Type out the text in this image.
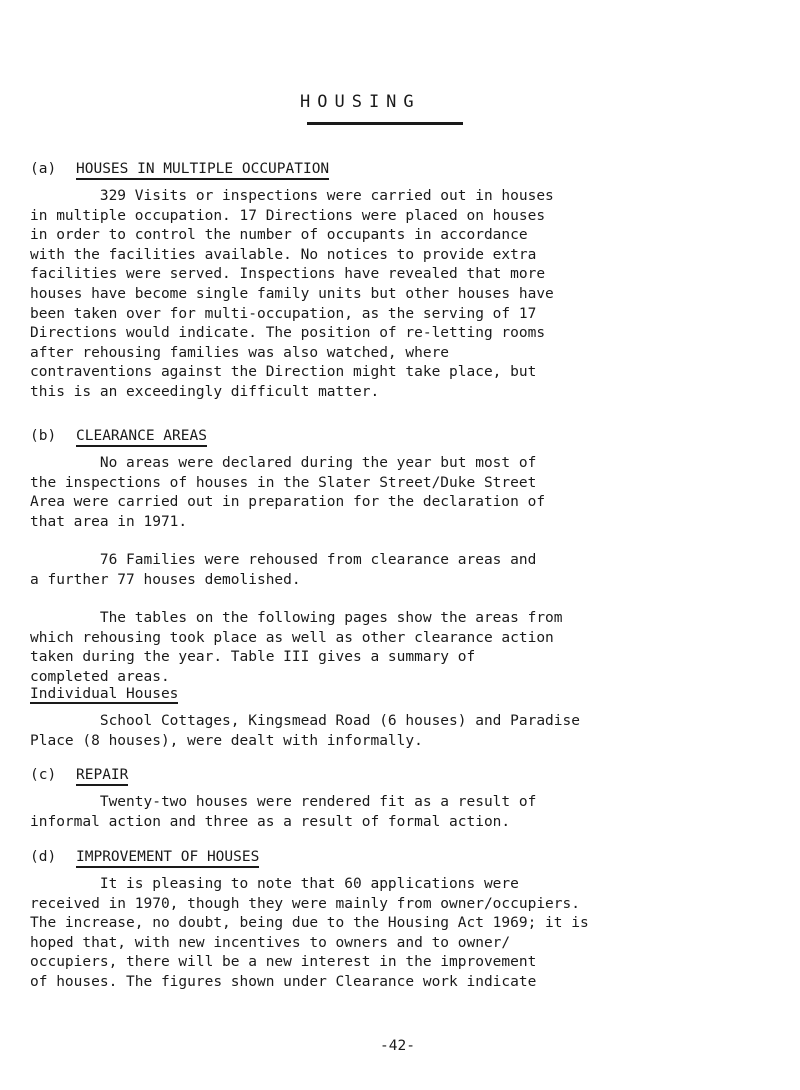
HOUSING
(a) HOUSES IN MULTIPLE OCCUPATION
329 Visits or inspections were carried out in houses
in multiple occupation. 17 Directions were placed on houses
in order to control the number of occupants in accordance
with the facilities available. No notices to provide extra
facilities were served. Inspections have revealed that more
houses have become single family units but other houses have
been taken over for multi-occupation, as the serving of 17
Directions would indicate. The position of re-letting rooms
after rehousing families was also watched, where
contraventions against the Direction might take place, but
this is an exceedingly difficult matter.
(b) CLEARANCE AREAS
No areas were declared during the year but most of
the inspections of houses in the Slater Street/Duke Street
Area were carried out in preparation for the declaration of
that area in 1971.
76 Families were rehoused from clearance areas and
a further 77 houses demolished.
The tables on the following pages show the areas from
which rehousing took place as well as other clearance action
taken during the year. Table III gives a summary of
completed areas.
Individual Houses
School Cottages, Kingsmead Road (6 houses) and Paradise
Place (8 houses), were dealt with informally.
(c) REPAIR
Twenty-two houses were rendered fit as a result of
informal action and three as a result of formal action.
(d) IMPROVEMENT OF HOUSES
It is pleasing to note that 60 applications were
received in 1970, though they were mainly from owner/occupiers.
The increase, no doubt, being due to the Housing Act 1969; it is
hoped that, with new incentives to owners and to owner/
occupiers, there will be a new interest in the improvement
of houses. The figures shown under Clearance work indicate
-42-
